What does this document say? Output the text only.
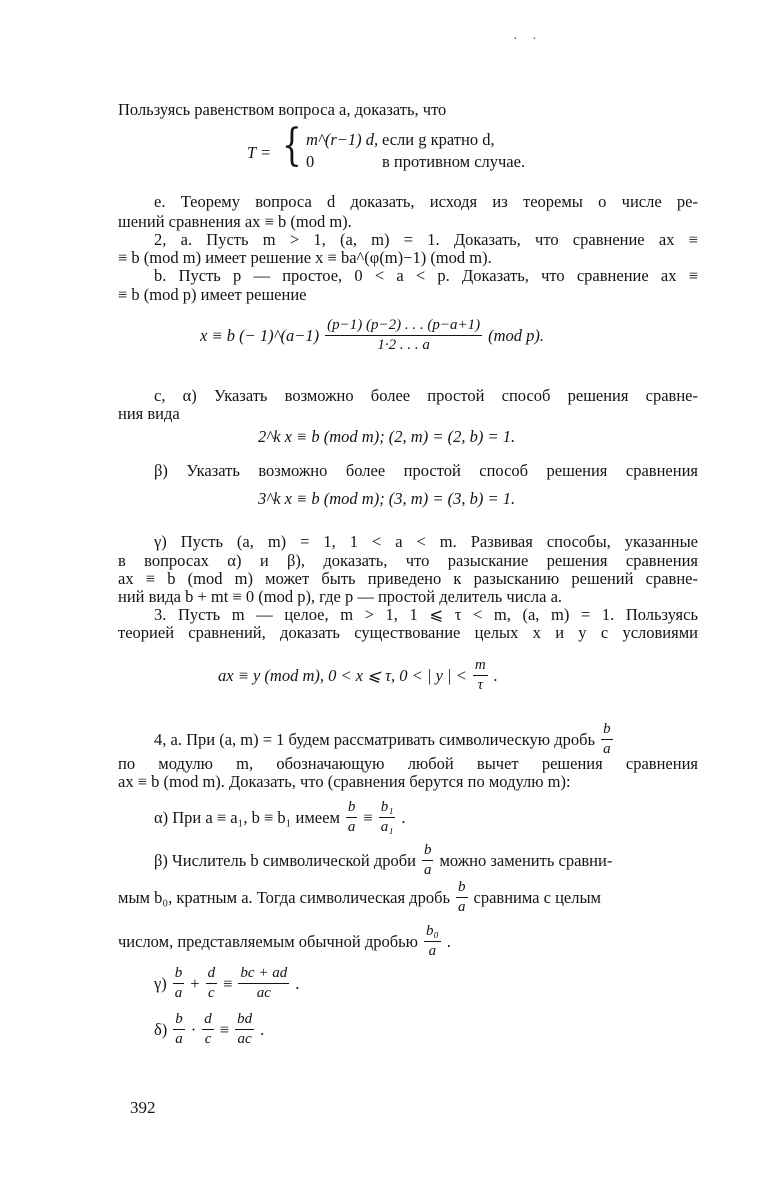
. .
Пользуясь равенством вопроса a, доказать, что
T = { m^(r−1) d, если g кратно d,
0	в противном случае.
e. Теорему вопроса d доказать, исходя из теоремы о числе ре-
шений сравнения ax ≡ b (mod m).
2, a. Пусть m > 1, (a, m) = 1. Доказать, что сравнение ax ≡
≡ b (mod m) имеет решение x ≡ ba^(φ(m)−1) (mod m).
b. Пусть p — простое, 0 < a < p. Доказать, что сравнение ax ≡
≡ b (mod p) имеет решение
x ≡ b (− 1)^(a−1) $\frac{(p-1) (p-2) . . . (p-a+1)}{1\cdot 2 . . . a} (mod$ p).
c, α) Указать возможно более простой способ решения сравне-
ния вида
2^k x ≡ b (mod m); (2, m) = (2, b) = 1.
β) Указать возможно более простой способ решения сравнения
3^k x ≡ b (mod m); (3, m) = (3, b) = 1.
γ) Пусть (a, m) = 1, 1 < a < m. Развивая способы, указанные
в вопросах α) и β), доказать, что разыскание решения сравнения
ax ≡ b (mod m) может быть приведено к разысканию решений сравне-
ний вида b + mt ≡ 0 (mod p), где p — простой делитель числа a.
3. Пусть m — целое, m > 1, 1 ⩽ τ < m, (a, m) = 1. Пользуясь
теорией сравнений, доказать существование целых x и y с условиями
ax ≡ y (mod m), 0 < x ⩽ τ, 0 < | y | < $\frac{m}{\tau}$ .
4, a. При (a, m) = 1 будем рассматривать символическую дробь $\frac{b}{a}$
по модулю m, обозначающую любой вычет решения сравнения
ax ≡ b (mod m). Доказать, что (сравнения берутся по модулю m):
α) При a ≡ a₁, b ≡ b₁ имеем $\frac{b}{a} \equiv \frac{\text{b₁}}{\text{a₁}}$ .
β) Числитель b символической дроби $\frac{b}{a}$ можно заменить сравни-
мым b₀, кратным a. Тогда символическая дробь $\frac{b}{a}$ сравнима с целым
числом, представляемым обычной дробью $\frac{\text{b₀}}{a}$ .
$\gamma) \frac{b}{a} + \frac{d}{c} \equiv \frac{bc + ad}{ac}$ .
$\delta) \frac{b}{a} \cdot \frac{d}{c} \equiv \frac{bd}{ac}$ .
392
